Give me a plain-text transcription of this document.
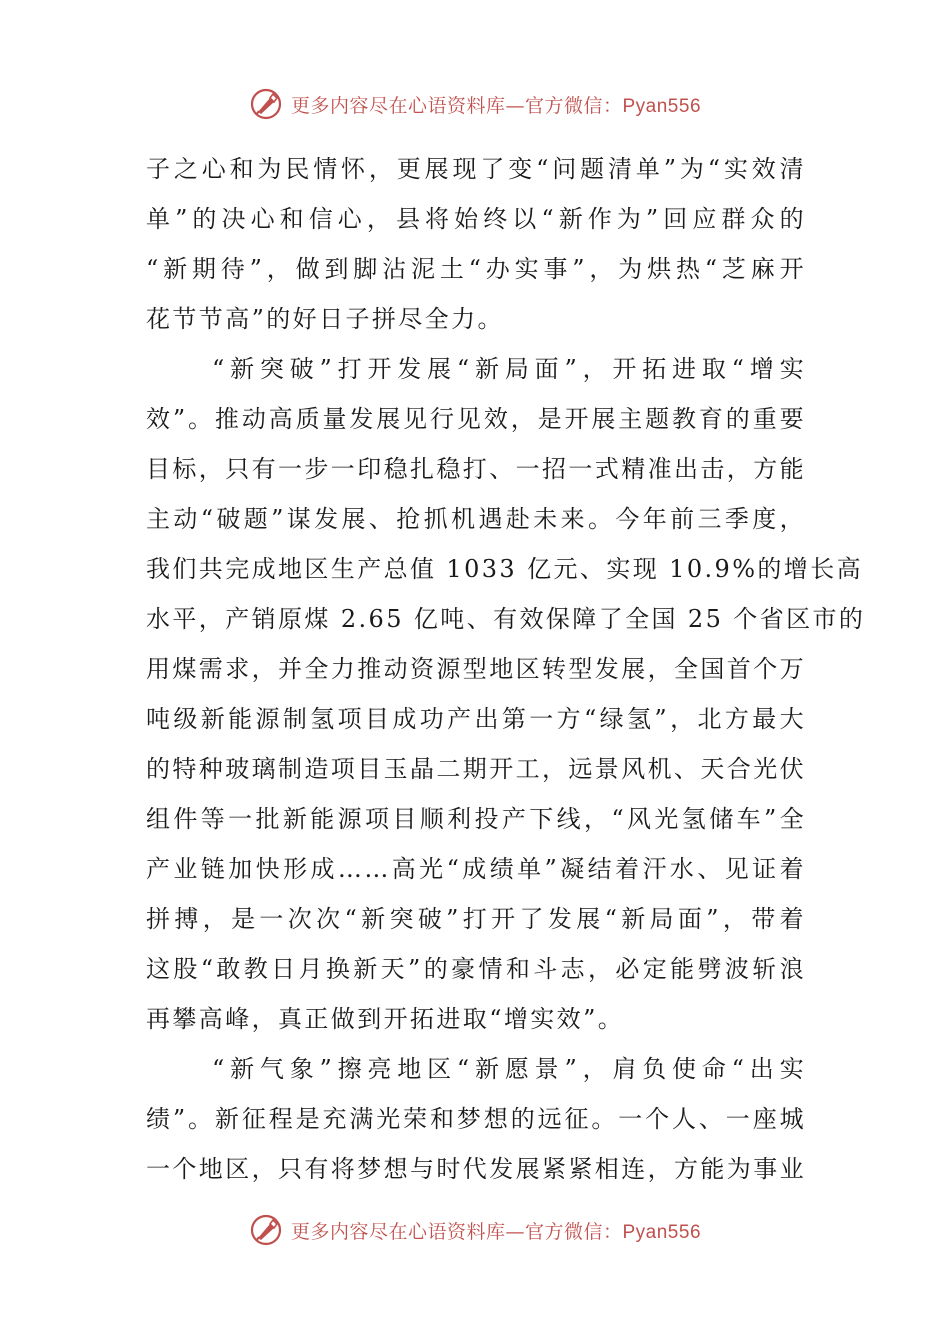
更多内容尽在心语资料库—官方微信：Pyan556
子之心和为民情怀，更展现了变“问题清单”为“实效清
单”的决心和信心，县将始终以“新作为”回应群众的
“新期待”，做到脚沾泥土“办实事”，为烘热“芝麻开
花节节高”的好日子拼尽全力。
“新突破”打开发展“新局面”，开拓进取“增实
效”。推动高质量发展见行见效，是开展主题教育的重要
目标，只有一步一印稳扎稳打、一招一式精准出击，方能
主动“破题”谋发展、抢抓机遇赴未来。今年前三季度，
我们共完成地区生产总值 1033 亿元、实现 10.9%的增长高
水平，产销原煤 2.65 亿吨、有效保障了全国 25 个省区市的
用煤需求，并全力推动资源型地区转型发展，全国首个万
吨级新能源制氢项目成功产出第一方“绿氢”，北方最大
的特种玻璃制造项目玉晶二期开工，远景风机、天合光伏
组件等一批新能源项目顺利投产下线，“风光氢储车”全
产业链加快形成……高光“成绩单”凝结着汗水、见证着
拼搏，是一次次“新突破”打开了发展“新局面”，带着
这股“敢教日月换新天”的豪情和斗志，必定能劈波斩浪
再攀高峰，真正做到开拓进取“增实效”。
“新气象”擦亮地区“新愿景”，肩负使命“出实
绩”。新征程是充满光荣和梦想的远征。一个人、一座城
一个地区，只有将梦想与时代发展紧紧相连，方能为事业
更多内容尽在心语资料库—官方微信：Pyan556
